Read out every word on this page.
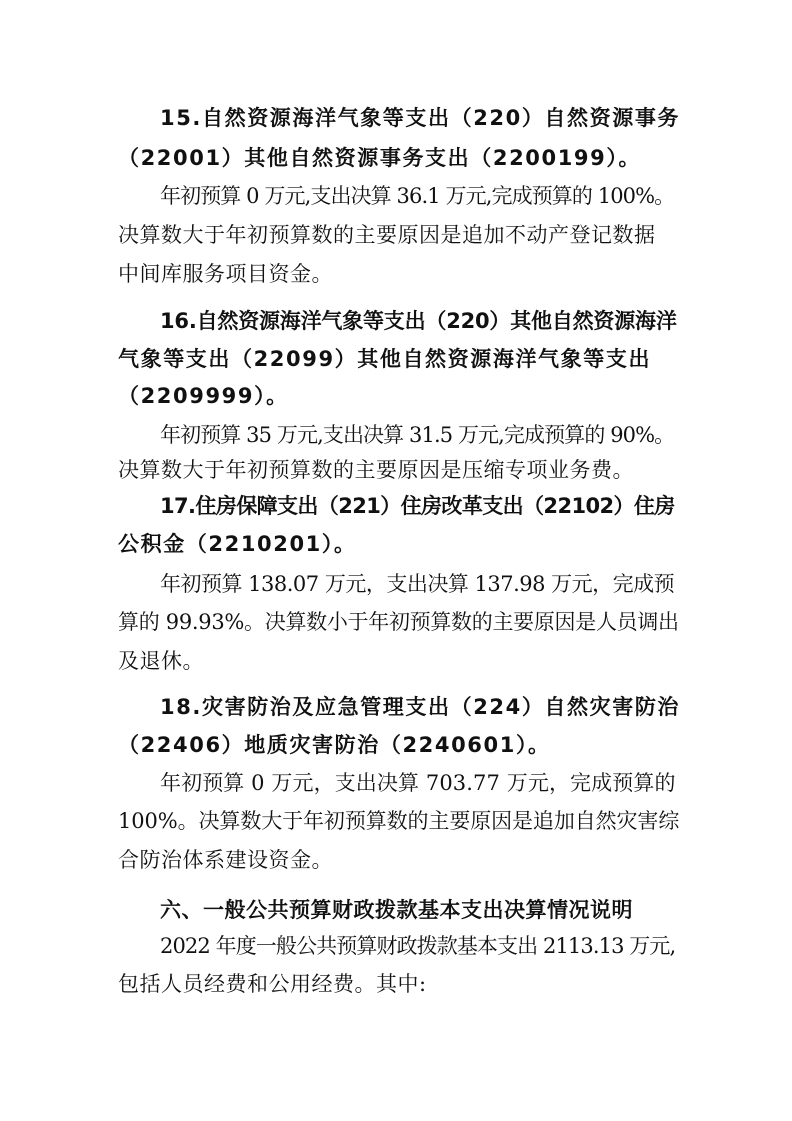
15.自然资源海洋气象等支出（220）自然资源事务
（22001）其他自然资源事务支出（2200199）。
年初预算 0 万元,支出决算 36.1 万元,完成预算的 100%。
决算数大于年初预算数的主要原因是追加不动产登记数据
中间库服务项目资金。
16.自然资源海洋气象等支出（220）其他自然资源海洋
气象等支出（22099）其他自然资源海洋气象等支出
（2209999）。
年初预算 35 万元,支出决算 31.5 万元,完成预算的 90%。
决算数大于年初预算数的主要原因是压缩专项业务费。
17.住房保障支出（221）住房改革支出（22102）住房
公积金（2210201）。
年初预算 138.07 万元，支出决算 137.98 万元，完成预
算的 99.93%。决算数小于年初预算数的主要原因是人员调出
及退休。
18.灾害防治及应急管理支出（224）自然灾害防治
（22406）地质灾害防治（2240601）。
年初预算 0 万元，支出决算 703.77 万元，完成预算的
100%。决算数大于年初预算数的主要原因是追加自然灾害综
合防治体系建设资金。
六、一般公共预算财政拨款基本支出决算情况说明
2022 年度一般公共预算财政拨款基本支出 2113.13 万元,
包括人员经费和公用经费。其中:
